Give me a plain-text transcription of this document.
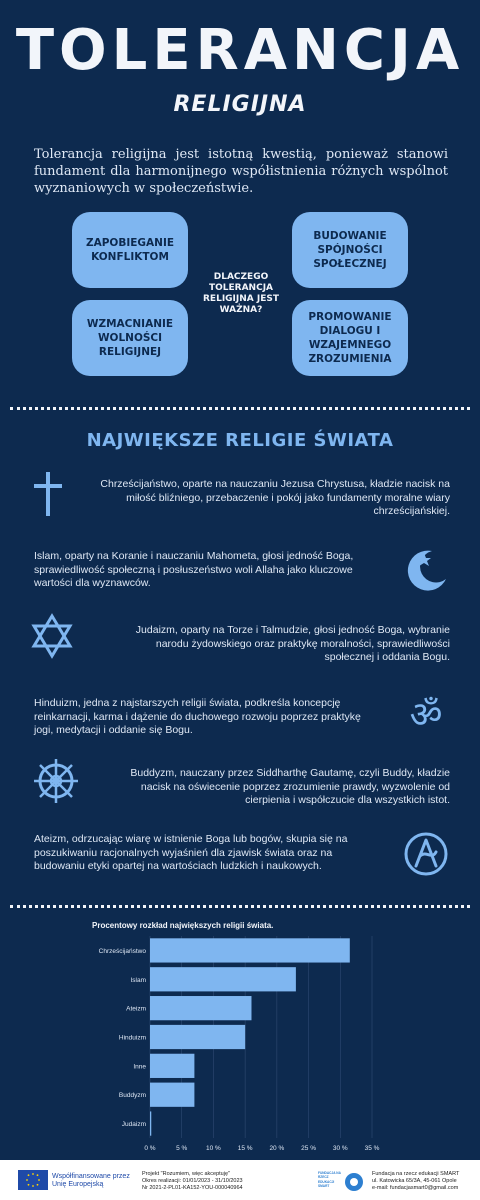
TOLERANCJA
RELIGIJNA
Tolerancja religijna jest istotną kwestią, ponieważ stanowi fundament dla harmonijnego współistnienia różnych wspólnot wyznaniowych w społeczeństwie.
ZAPOBIEGANIE KONFLIKTOM
BUDOWANIE SPÓJNOŚCI SPOŁECZNEJ
DLACZEGO TOLERANCJA RELIGIJNA JEST WAŻNA?
WZMACNIANIE WOLNOŚCI RELIGIJNEJ
PROMOWANIE DIALOGU I WZAJEMNEGO ZROZUMIENIA
NAJWIĘKSZE RELIGIE ŚWIATA
Chrześcijaństwo, oparte na nauczaniu Jezusa Chrystusa, kładzie nacisk na miłość bliźniego, przebaczenie i pokój jako fundamenty moralne wiary chrześcijańskiej.
Islam, oparty na Koranie i nauczaniu Mahometa, głosi jedność Boga, sprawiedliwość społeczną i posłuszeństwo woli Allaha jako kluczowe wartości dla wyznawców.
Judaizm, oparty na Torze i Talmudzie, głosi jedność Boga, wybranie narodu żydowskiego oraz praktykę moralności, sprawiedliwości społecznej i oddania Bogu.
Hinduizm, jedna z najstarszych religii świata, podkreśla koncepcję reinkarnacji, karma i dążenie do duchowego rozwoju poprzez praktykę jogi, medytacji i oddanie się Bogu.	ॐ
Buddyzm, nauczany przez Siddharthę Gautamę, czyli Buddy, kładzie nacisk na oświecenie poprzez zrozumienie prawdy, wyzwolenie od cierpienia i współczucie dla wszystkich istot.
Ateizm, odrzucając wiarę w istnienie Boga lub bogów, skupia się na poszukiwaniu racjonalnych wyjaśnień dla zjawisk świata oraz na budowaniu etyki opartej na wartościach ludzkich i naukowych.
Procentowy rozkład największych religii świata.
0 %	5 %	10 %	15 %	20 %	25 %	30 %	35 %
Chrześcijaństwo
Islam
Ateizm
Hinduizm
Inne
Buddyzm
Judaizm
Współfinansowane przez Unię Europejską
Projekt "Rozumiem, więc akceptuję"
Okres realizacji: 01/01/2023 - 31/10/2023
Nr 2021-2-PL01-KA152-YOU-000040964
FUNDACJA NA RZECZ EDUKACJI SMART
Fundacja na rzecz edukacji SMART
ul. Katowicka 65/3A, 45-061 Opole
e-mail: fundacjasmart0@gmail.com
